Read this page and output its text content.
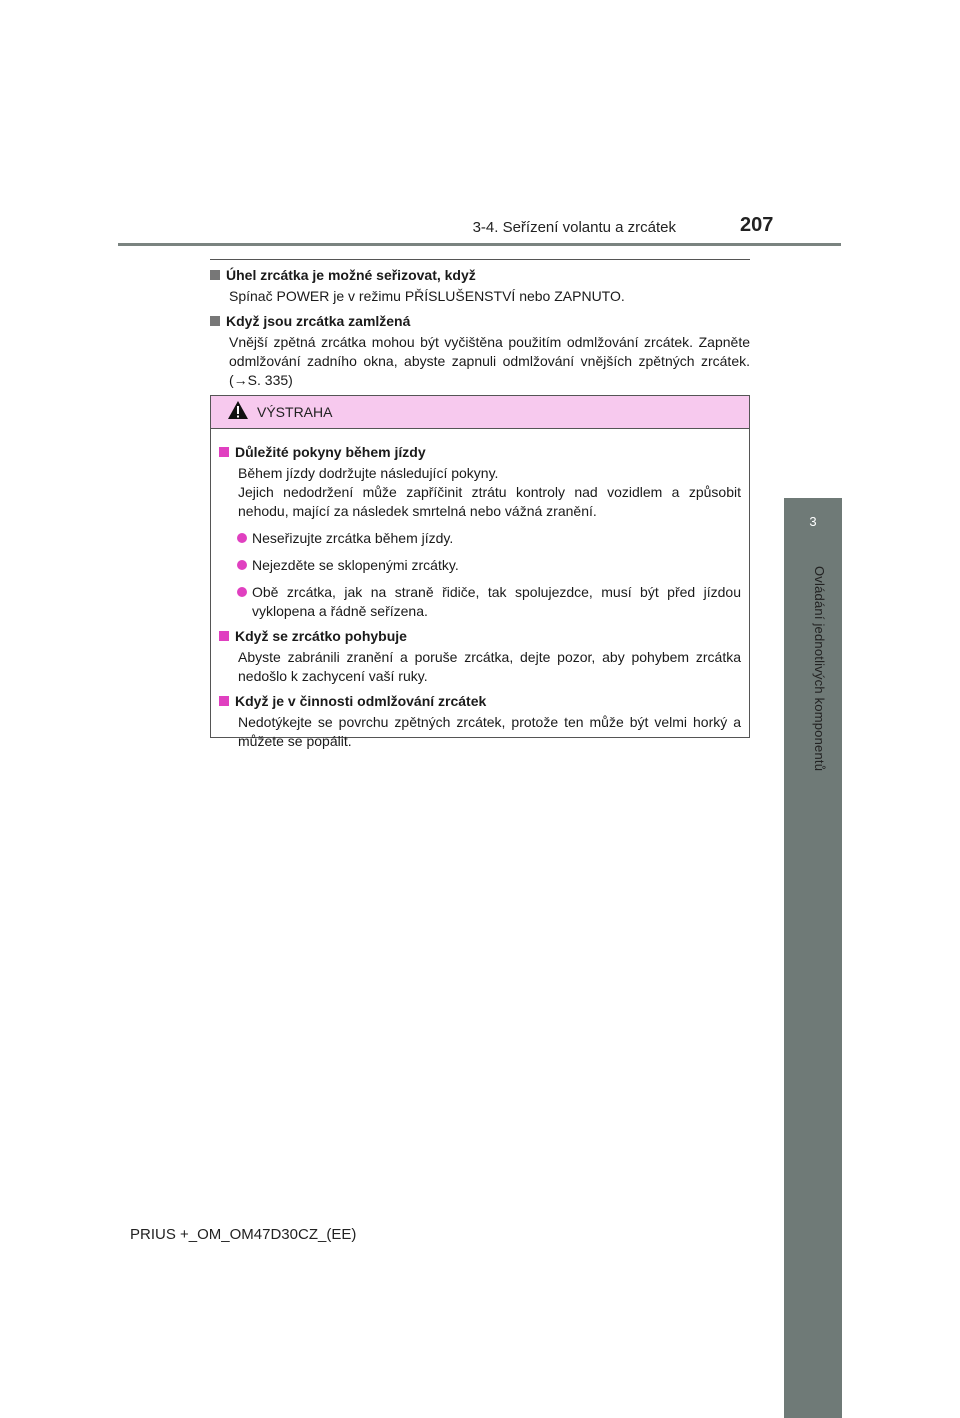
3-4. Seřízení volantu a zrcátek	207
3
Ovládání jednotlivých komponentů
Úhel zrcátka je možné seřizovat, když
Spínač POWER je v režimu PŘÍSLUŠENSTVÍ nebo ZAPNUTO.
Když jsou zrcátka zamlžená
Vnější zpětná zrcátka mohou být vyčištěna použitím odmlžování zrcátek. Zapněte odmlžování zadního okna, abyste zapnuli odmlžování vnějších zpětných zrcátek. (→S. 335)
VÝSTRAHA
Důležité pokyny během jízdy
Během jízdy dodržujte následující pokyny.
Jejich nedodržení může zapříčinit ztrátu kontroly nad vozidlem a způsobit nehodu, mající za následek smrtelná nebo vážná zranění.
Neseřizujte zrcátka během jízdy.
Nejezděte se sklopenými zrcátky.
Obě zrcátka, jak na straně řidiče, tak spolujezdce, musí být před jízdou vyklopena a řádně seřízena.
Když se zrcátko pohybuje
Abyste zabránili zranění a poruše zrcátka, dejte pozor, aby pohybem zrcátka nedošlo k zachycení vaší ruky.
Když je v činnosti odmlžování zrcátek
Nedotýkejte se povrchu zpětných zrcátek, protože ten může být velmi horký a můžete se popálit.
PRIUS +_OM_OM47D30CZ_(EE)
